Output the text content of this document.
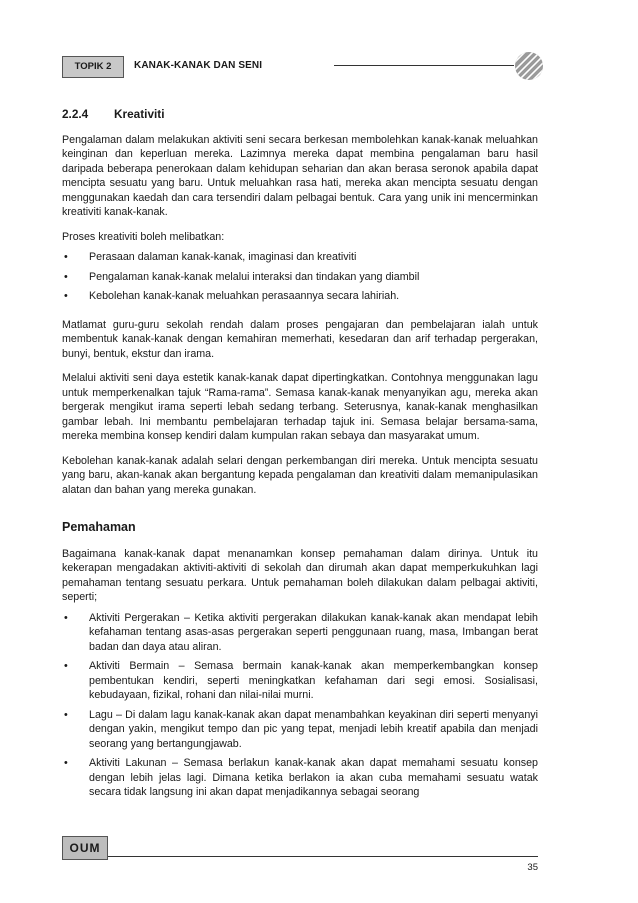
TOPIK 2	KANAK-KANAK DAN SENI
2.2.4 Kreativiti

Pengalaman dalam melakukan aktiviti seni secara berkesan membolehkan kanak-kanak meluahkan keinginan dan keperluan mereka. Lazimnya mereka dapat membina pengalaman baru hasil daripada beberapa penerokaan dalam kehidupan seharian dan akan berasa seronok apabila dapat mencipta sesuatu yang baru. Untuk meluahkan rasa hati, mereka akan mencipta sesuatu dengan menggunakan kaedah dan cara tersendiri dalam pelbagai bentuk. Cara yang unik ini mencerminkan kreativiti kanak-kanak.

Proses kreativiti boleh melibatkan:

• Perasaan dalaman kanak-kanak, imaginasi dan kreativiti
• Pengalaman kanak-kanak melalui interaksi dan tindakan yang diambil
• Kebolehan kanak-kanak meluahkan perasaannya secara lahiriah.

Matlamat guru-guru sekolah rendah dalam proses pengajaran dan pembelajaran ialah untuk membentuk kanak-kanak dengan kemahiran memerhati, kesedaran dan arif terhadap pergerakan, bunyi, bentuk, ekstur dan irama.

Melalui aktiviti seni daya estetik kanak-kanak dapat dipertingkatkan. Contohnya menggunakan lagu untuk memperkenalkan tajuk “Rama-rama”. Semasa kanak-kanak menyanyikan agu, mereka akan bergerak mengikut irama seperti lebah sedang terbang. Seterusnya, kanak-kanak menghasilkan gambar lebah. Ini membantu pembelajaran terhadap tajuk ini. Semasa belajar bersama-sama, mereka membina konsep kendiri dalam kumpulan rakan sebaya dan masyarakat umum.

Kebolehan kanak-kanak adalah selari dengan perkembangan diri mereka. Untuk mencipta sesuatu yang baru, akan-kanak akan bergantung kepada pengalaman dan kreativiti dalam memanipulasikan alatan dan bahan yang mereka gunakan.

Pemahaman

Bagaimana kanak-kanak dapat menanamkan konsep pemahaman dalam dirinya. Untuk itu kekerapan mengadakan aktiviti-aktiviti di sekolah dan dirumah akan dapat memperkukuhkan lagi pemahaman tentang sesuatu perkara. Untuk pemahaman boleh dilakukan dalam pelbagai aktiviti, seperti;

• Aktiviti Pergerakan – Ketika aktiviti pergerakan dilakukan kanak-kanak akan mendapat lebih kefahaman tentang asas-asas pergerakan seperti penggunaan ruang, masa, Imbangan berat badan dan daya atau aliran.
• Aktiviti Bermain – Semasa bermain kanak-kanak akan memperkembangkan konsep pembentukan kendiri, seperti meningkatkan kefahaman dari segi emosi. Sosialisasi, kebudayaan, fizikal, rohani dan nilai-nilai murni.
• Lagu – Di dalam lagu kanak-kanak akan dapat menambahkan keyakinan diri seperti menyanyi dengan yakin, mengikut tempo dan pic yang tepat, menjadi lebih kreatif apabila dan menjadi seorang yang bertangungjawab.
• Aktiviti Lakunan – Semasa berlakun kanak-kanak akan dapat memahami sesuatu konsep dengan lebih jelas lagi. Dimana ketika berlakon ia akan cuba memahami sesuatu watak secara tidak langsung ini akan dapat menjadikannya sebagai seorang
OUM
35
